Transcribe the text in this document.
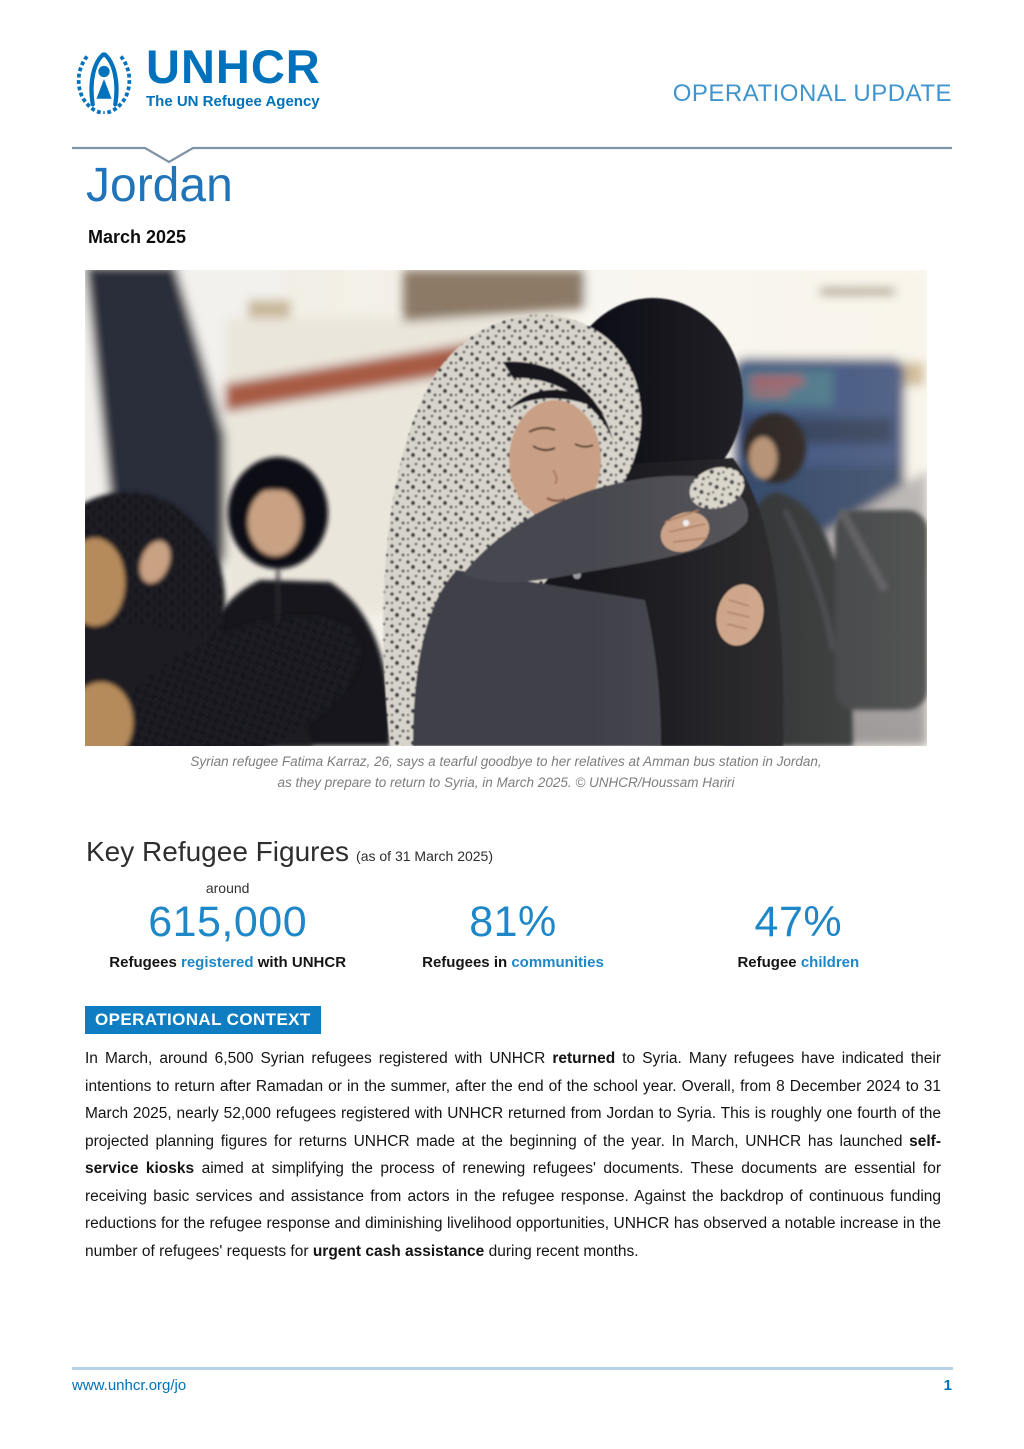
UNHCR
The UN Refugee Agency	OPERATIONAL UPDATE
Jordan
March 2025
Syrian refugee Fatima Karraz, 26, says a tearful goodbye to her relatives at Amman bus station in Jordan,
as they prepare to return to Syria, in March 2025. © UNHCR/Houssam Hariri
Key Refugee Figures (as of 31 March 2025)
around
615,000
Refugees registered with UNHCR
81%
Refugees in communities
47%
Refugee children
OPERATIONAL CONTEXT
In March, around 6,500 Syrian refugees registered with UNHCR returned to Syria. Many refugees have indicated their intentions to return after Ramadan or in the summer, after the end of the school year. Overall, from 8 December 2024 to 31 March 2025, nearly 52,000 refugees registered with UNHCR returned from Jordan to Syria. This is roughly one fourth of the projected planning figures for returns UNHCR made at the beginning of the year. In March, UNHCR has launched self-service kiosks aimed at simplifying the process of renewing refugees' documents. These documents are essential for receiving basic services and assistance from actors in the refugee response. Against the backdrop of continuous funding reductions for the refugee response and diminishing livelihood opportunities, UNHCR has observed a notable increase in the number of refugees' requests for urgent cash assistance during recent months.
www.unhcr.org/jo	1
